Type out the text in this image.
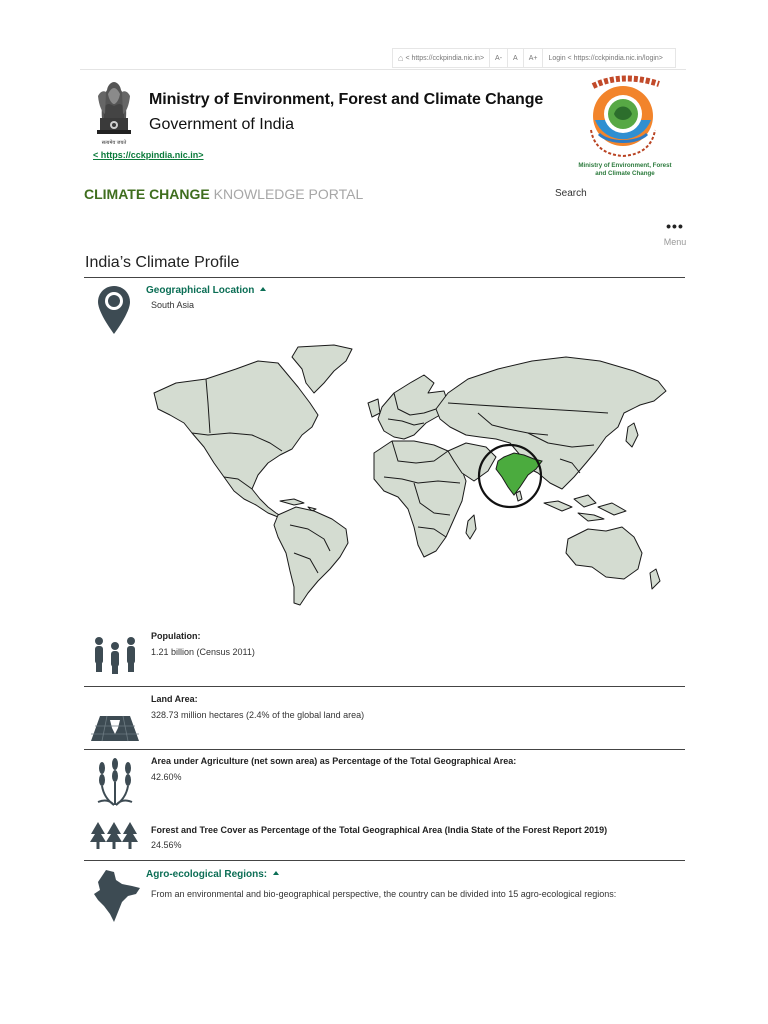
⌂ < https://cckpindia.nic.in>	A-	A	A+	Login < https://cckpindia.nic.in/login>
सत्यमेव जयते
Ministry of Environment, Forest and Climate Change
Government of India
< https://cckpindia.nic.in>
Ministry of Environment, Forest
and Climate Change
CLIMATE CHANGE KNOWLEDGE PORTAL	Search
•••
Menu
India’s Climate Profile
Geographical Location
South Asia
Population:
1.21 billion (Census 2011)
Land Area:
328.73 million hectares (2.4% of the global land area)
Area under Agriculture (net sown area) as Percentage of the Total Geographical Area:
42.60%
Forest and Tree Cover as Percentage of the Total Geographical Area (India State of the Forest Report 2019)
24.56%
Agro-ecological Regions:
From an environmental and bio-geographical perspective, the country can be divided into 15 agro-ecological regions:
